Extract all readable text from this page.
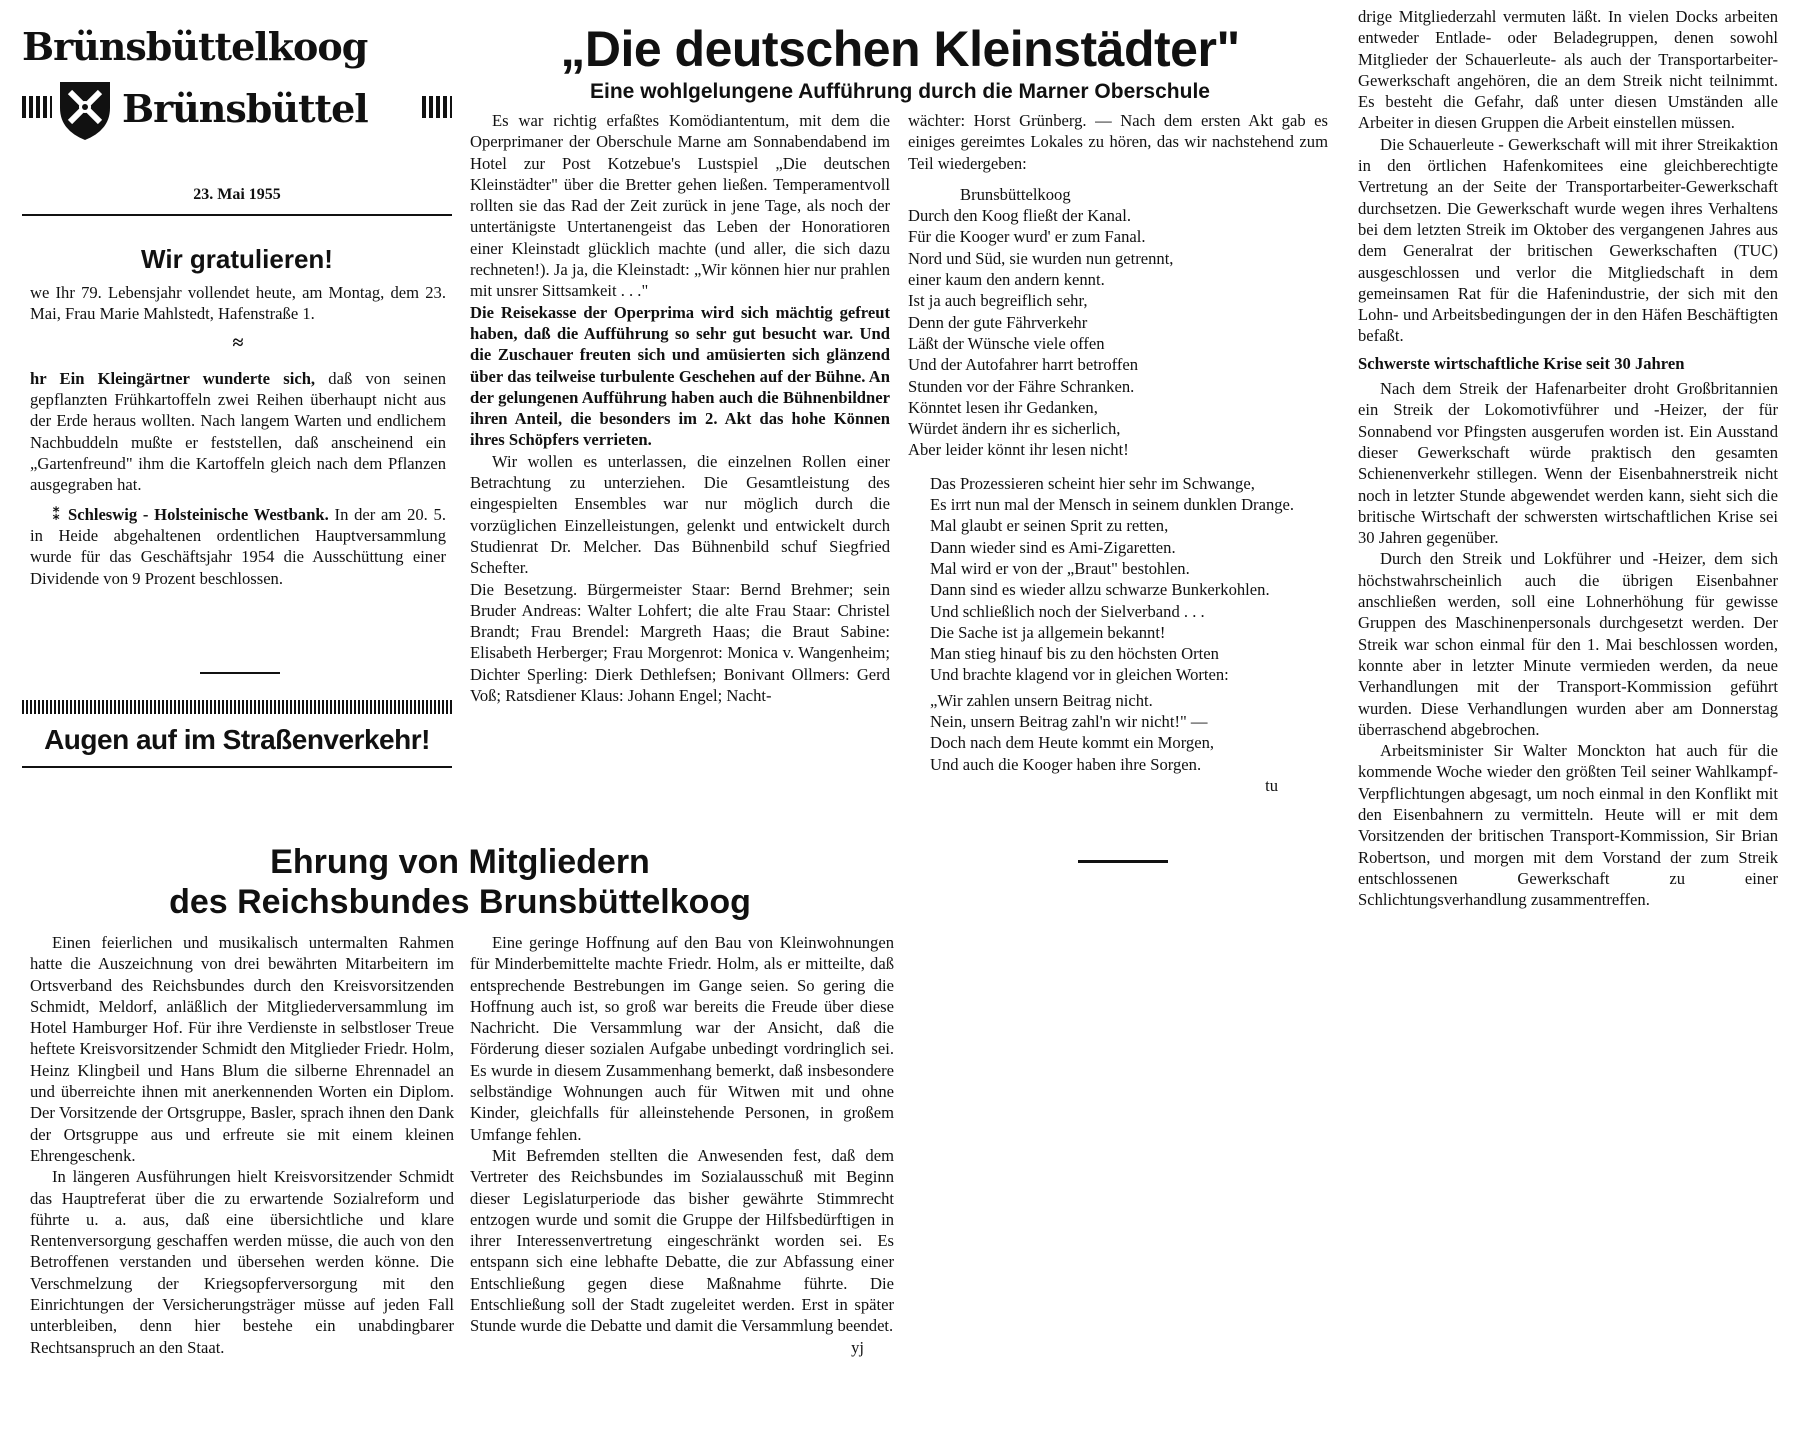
Brünsbüttelkoog
Brünsbüttel
23. Mai 1955
Wir gratulieren!

we Ihr 79. Lebensjahr vollendet heute, am Montag, dem 23. Mai, Frau Marie Mahlstedt, Hafenstraße 1.

≈

hr Ein Kleingärtner wunderte sich, daß von seinen gepflanzten Frühkartoffeln zwei Reihen überhaupt nicht aus der Erde heraus wollten. Nach langem Warten und endlichem Nachbuddeln mußte er feststellen, daß anscheinend ein „Gartenfreund" ihm die Kartoffeln gleich nach dem Pflanzen ausgegraben hat.

⁑ Schleswig - Holsteinische Westbank. In der am 20. 5. in Heide abgehaltenen ordentlichen Hauptversammlung wurde für das Geschäftsjahr 1954 die Ausschüttung einer Dividende von 9 Prozent beschlossen.

Augen auf im Straßenverkehr!
„Die deutschen Kleinstädter"
Eine wohlgelungene Aufführung durch die Marner Oberschule

Es war richtig erfaßtes Komödiantentum, mit dem die Operprimaner der Oberschule Marne am Sonnabendabend im Hotel zur Post Kotzebue's Lustspiel „Die deutschen Kleinstädter" über die Bretter gehen ließen. Temperamentvoll rollten sie das Rad der Zeit zurück in jene Tage, als noch der untertänigste Untertanengeist das Leben der Honoratioren einer Kleinstadt glücklich machte (und aller, die sich dazu rechneten!). Ja ja, die Kleinstadt: „Wir können hier nur prahlen mit unsrer Sittsamkeit . . ."

Die Reisekasse der Operprima wird sich mächtig gefreut haben, daß die Aufführung so sehr gut besucht war. Und die Zuschauer freuten sich und amüsierten sich glänzend über das teilweise turbulente Geschehen auf der Bühne. An der gelungenen Aufführung haben auch die Bühnenbildner ihren Anteil, die besonders im 2. Akt das hohe Können ihres Schöpfers verrieten.

Wir wollen es unterlassen, die einzelnen Rollen einer Betrachtung zu unterziehen. Die Gesamtleistung des eingespielten Ensembles war nur möglich durch die vorzüglichen Einzelleistungen, gelenkt und entwickelt durch Studienrat Dr. Melcher. Das Bühnenbild schuf Siegfried Schefter.

Die Besetzung. Bürgermeister Staar: Bernd Brehmer; sein Bruder Andreas: Walter Lohfert; die alte Frau Staar: Christel Brandt; Frau Brendel: Margreth Haas; die Braut Sabine: Elisabeth Herberger; Frau Morgenrot: Monica v. Wangenheim; Dichter Sperling: Dierk Dethlefsen; Bonivant Ollmers: Gerd Voß; Ratsdiener Klaus: Johann Engel; Nacht-

wächter: Horst Grünberg. — Nach dem ersten Akt gab es einiges gereimtes Lokales zu hören, das wir nachstehend zum Teil wiedergeben:

Brunsbüttelkoog
Durch den Koog fließt der Kanal.
Für die Kooger wurd' er zum Fanal.
Nord und Süd, sie wurden nun getrennt,
einer kaum den andern kennt.
Ist ja auch begreiflich sehr,
Denn der gute Fährverkehr
Läßt der Wünsche viele offen
Und der Autofahrer harrt betroffen
Stunden vor der Fähre Schranken.
Könntet lesen ihr Gedanken,
Würdet ändern ihr es sicherlich,
Aber leider könnt ihr lesen nicht!

Das Prozessieren scheint hier sehr im Schwange,

Es irrt nun mal der Mensch in seinem dunklen Drange.

Mal glaubt er seinen Sprit zu retten,

Dann wieder sind es Ami-Zigaretten.

Mal wird er von der „Braut" bestohlen.

Dann sind es wieder allzu schwarze Bunkerkohlen.

Und schließlich noch der Sielverband . . .

Die Sache ist ja allgemein bekannt!

Man stieg hinauf bis zu den höchsten Orten

Und brachte klagend vor in gleichen Worten:

„Wir zahlen unsern Beitrag nicht.
Nein, unsern Beitrag zahl'n wir nicht!" —
Doch nach dem Heute kommt ein Morgen,
Und auch die Kooger haben ihre Sorgen.
tu
Ehrung von Mitgliedern
des Reichsbundes Brunsbüttelkoog

Einen feierlichen und musikalisch untermalten Rahmen hatte die Auszeichnung von drei bewährten Mitarbeitern im Ortsverband des Reichsbundes durch den Kreisvorsitzenden Schmidt, Meldorf, anläßlich der Mitgliederversammlung im Hotel Hamburger Hof. Für ihre Verdienste in selbstloser Treue heftete Kreisvorsitzender Schmidt den Mitglieder Friedr. Holm, Heinz Klingbeil und Hans Blum die silberne Ehrennadel an und überreichte ihnen mit anerkennenden Worten ein Diplom. Der Vorsitzende der Ortsgruppe, Basler, sprach ihnen den Dank der Ortsgruppe aus und erfreute sie mit einem kleinen Ehrengeschenk.

In längeren Ausführungen hielt Kreisvorsitzender Schmidt das Hauptreferat über die zu erwartende Sozialreform und führte u. a. aus, daß eine übersichtliche und klare Rentenversorgung geschaffen werden müsse, die auch von den Betroffenen verstanden und übersehen werden könne. Die Verschmelzung der Kriegsopferversorgung mit den Einrichtungen der Versicherungsträger müsse auf jeden Fall unterbleiben, denn hier bestehe ein unabdingbarer Rechtsanspruch an den Staat.

Eine geringe Hoffnung auf den Bau von Kleinwohnungen für Minderbemittelte machte Friedr. Holm, als er mitteilte, daß entsprechende Bestrebungen im Gange seien. So gering die Hoffnung auch ist, so groß war bereits die Freude über diese Nachricht. Die Versammlung war der Ansicht, daß die Förderung dieser sozialen Aufgabe unbedingt vordringlich sei. Es wurde in diesem Zusammenhang bemerkt, daß insbesondere selbständige Wohnungen auch für Witwen mit und ohne Kinder, gleichfalls für alleinstehende Personen, in großem Umfange fehlen.

Mit Befremden stellten die Anwesenden fest, daß dem Vertreter des Reichsbundes im Sozialausschuß mit Beginn dieser Legislaturperiode das bisher gewährte Stimmrecht entzogen wurde und somit die Gruppe der Hilfsbedürftigen in ihrer Interessenvertretung eingeschränkt worden sei. Es entspann sich eine lebhafte Debatte, die zur Abfassung einer Entschließung gegen diese Maßnahme führte. Die Entschließung soll der Stadt zugeleitet werden. Erst in später Stunde wurde die Debatte und damit die Versammlung beendet.

yj

drige Mitgliederzahl vermuten läßt. In vielen Docks arbeiten entweder Entlade- oder Beladegruppen, denen sowohl Mitglieder der Schauerleute- als auch der Transportarbeiter-Gewerkschaft angehören, die an dem Streik nicht teilnimmt. Es besteht die Gefahr, daß unter diesen Umständen alle Arbeiter in diesen Gruppen die Arbeit einstellen müssen.

Die Schauerleute - Gewerkschaft will mit ihrer Streikaktion in den örtlichen Hafenkomitees eine gleichberechtigte Vertretung an der Seite der Transportarbeiter-Gewerkschaft durchsetzen. Die Gewerkschaft wurde wegen ihres Verhaltens bei dem letzten Streik im Oktober des vergangenen Jahres aus dem Generalrat der britischen Gewerkschaften (TUC) ausgeschlossen und verlor die Mitgliedschaft in dem gemeinsamen Rat für die Hafenindustrie, der sich mit den Lohn- und Arbeitsbedingungen der in den Häfen Beschäftigten befaßt.

Schwerste wirtschaftliche Krise seit 30 Jahren

Nach dem Streik der Hafenarbeiter droht Großbritannien ein Streik der Lokomotivführer und -Heizer, der für Sonnabend vor Pfingsten ausgerufen worden ist. Ein Ausstand dieser Gewerkschaft würde praktisch den gesamten Schienenverkehr stillegen. Wenn der Eisenbahnerstreik nicht noch in letzter Stunde abgewendet werden kann, sieht sich die britische Wirtschaft der schwersten wirtschaftlichen Krise sei 30 Jahren gegenüber.

Durch den Streik und Lokführer und -Heizer, dem sich höchstwahrscheinlich auch die übrigen Eisenbahner anschließen werden, soll eine Lohnerhöhung für gewisse Gruppen des Maschinenpersonals durchgesetzt werden. Der Streik war schon einmal für den 1. Mai beschlossen worden, konnte aber in letzter Minute vermieden werden, da neue Verhandlungen mit der Transport-Kommission geführt wurden. Diese Verhandlungen wurden aber am Donnerstag überraschend abgebrochen.

Arbeitsminister Sir Walter Monckton hat auch für die kommende Woche wieder den größten Teil seiner Wahlkampf-Verpflichtungen abgesagt, um noch einmal in den Konflikt mit den Eisenbahnern zu vermitteln. Heute will er mit dem Vorsitzenden der britischen Transport-Kommission, Sir Brian Robertson, und morgen mit dem Vorstand der zum Streik entschlossenen Gewerkschaft zu einer Schlichtungsverhandlung zusammentreffen.
